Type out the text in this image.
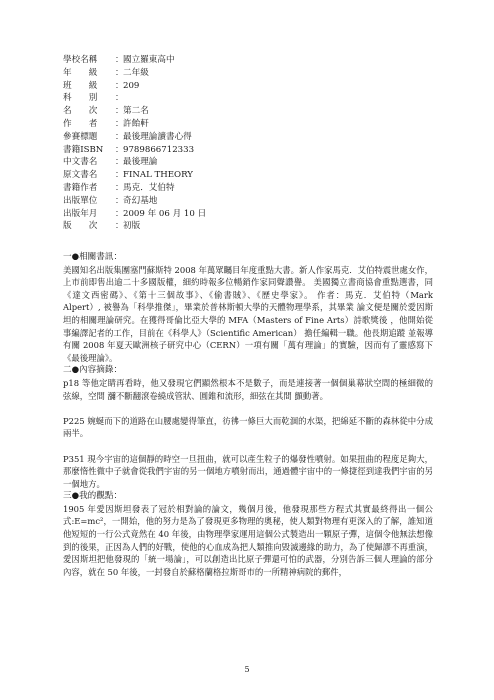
學校名稱	： 國立羅東高中
年　　級	： 二年級
班　　級	： 209
科　　別	：
名　　次	： 第二名
作　　者	： 許飴軒
參賽標題	： 最後理論讀書心得
書籍ISBN	： 9789866712333
中文書名	： 最後理論
原文書名	： FINAL THEORY
書籍作者	： 馬克．艾伯特
出版單位	： 奇幻基地
出版年月	： 2009 年 06 月 10 日
版　　次	： 初版
一●相關書訊：

美國知名出版集團塞門蘇斯特 2008 年萬眾矚目年度重點大書。新人作家馬克．艾伯特震世處女作，上市前即售出逾二十多國版權，細約時報多位暢銷作家同聲讚譽。 美國獨立書商協會重點選書，同《達文西密碼》、《第十三個故事》、《偷書賊》、《歷史學家》。 作者：馬克．艾伯特（Mark Alpert）, 被譽為「科學推傑」，畢業於普林斯頓大學的天體物理學系，其畢業 論文便是關於愛因斯坦的相關理論研究。在獲得哥倫比亞大學的 MFA（Masters of Fine Arts）詩歌獎後 ，他開始從事編譯記者的工作，目前在《科學人》（Scientific American） 擔任編輯一職。他長期追蹤 並報導有關 2008 年夏天歐洲核子研究中心（CERN）一項有關「萬有理論」的實驗，因而有了靈感寫下《最後理論》。

二●內容摘錄：

p18 等他定睛再看時，他又發現它們顯然根本不是數子，而是連接著一個個巢幕狀空間的極細微的弦線，空間 瀰不斷翻滾卷繞成管狀、圓錐和流形，細弦在其間 顫動著。

P225 婉蜒而下的道路在山腰處變得筆直，彷彿一條巨大而乾涸的水渠，把綿延不斷的森林從中分成兩半。

P351 現今宇宙的這個靜的時空一旦扭曲，就可以產生粒子的爆發性噴射。如果扭曲的程度足夠大，那麼惰性微中子就會從我們宇宙的另一個地方噴射而出，通過體宇宙中的一條捷徑到達我們宇宙的另一個地方。

三●我的觀點：

1905 年愛因斯坦發表了冠於相對論的論文，幾個月後，他發現那些方程式其實最終得出一個公式:E=mc²，一開始，他的努力是為了發現更多物理的奧秘，使人類對物理有更深入的了解，誰知道他短短的一行公式竟然在 40 年後，由物理學家運用這個公式製造出一顆原子彈，這個令他無法想像到的後果，正因為人們的好戰，使他的心血成為把人類推向毀滅邊緣的助力，為了使歸謬不再重演，愛因斯坦把他發現的「統一場論」，可以創造出比原子彈還可怕的武器，分別告訴三個人理論的部分內容，就在 50 年後，一封發自於蘇格蘭格拉斯哥市的一所精神病院的郵件，

5
